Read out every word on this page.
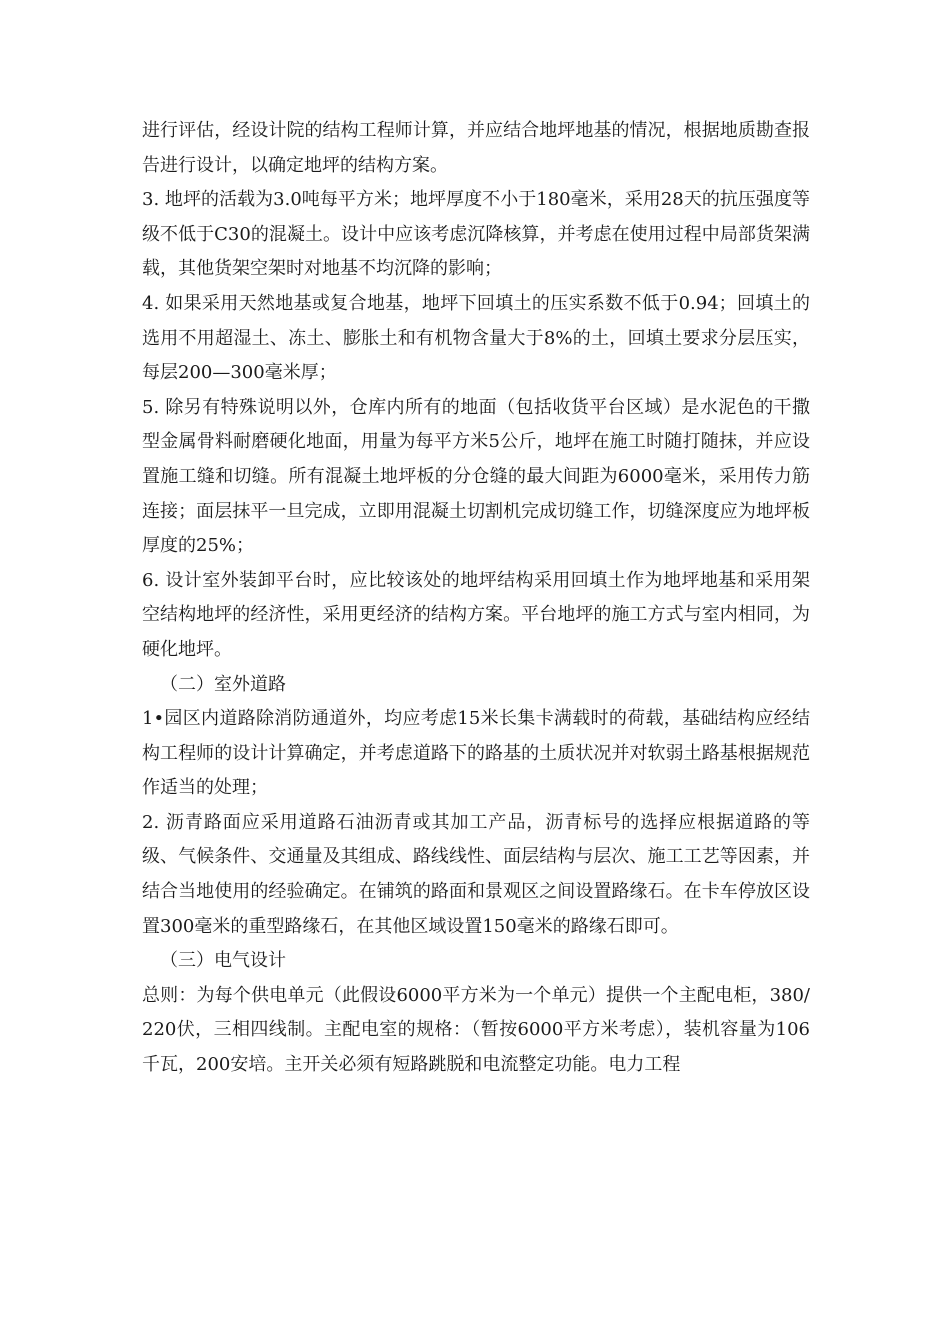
进行评估，经设计院的结构工程师计算，并应结合地坪地基的情况，根据地质勘查报告进行设计，以确定地坪的结构方案。

3. 地坪的活载为3.0吨每平方米；地坪厚度不小于180毫米，采用28天的抗压强度等级不低于C30的混凝土。设计中应该考虑沉降核算，并考虑在使用过程中局部货架满载，其他货架空架时对地基不均沉降的影响；

4. 如果采用天然地基或复合地基，地坪下回填土的压实系数不低于0.94；回填土的选用不用超湿土、冻土、膨胀土和有机物含量大于8%的土，回填土要求分层压实，每层200—300毫米厚；

5. 除另有特殊说明以外，仓库内所有的地面（包括收货平台区域）是水泥色的干撒型金属骨料耐磨硬化地面，用量为每平方米5公斤，地坪在施工时随打随抹，并应设置施工缝和切缝。所有混凝土地坪板的分仓缝的最大间距为6000毫米，采用传力筋连接；面层抹平一旦完成，立即用混凝土切割机完成切缝工作，切缝深度应为地坪板厚度的25%；

6. 设计室外装卸平台时，应比较该处的地坪结构采用回填土作为地坪地基和采用架空结构地坪的经济性，采用更经济的结构方案。平台地坪的施工方式与室内相同，为硬化地坪。

（二）室外道路

1•园区内道路除消防通道外，均应考虑15米长集卡满载时的荷载，基础结构应经结构工程师的设计计算确定，并考虑道路下的路基的土质状况并对软弱土路基根据规范作适当的处理；

2. 沥青路面应采用道路石油沥青或其加工产品，沥青标号的选择应根据道路的等级、气候条件、交通量及其组成、路线线性、面层结构与层次、施工工艺等因素，并结合当地使用的经验确定。在铺筑的路面和景观区之间设置路缘石。在卡车停放区设置300毫米的重型路缘石，在其他区域设置150毫米的路缘石即可。

（三）电气设计

总则：为每个供电单元（此假设6000平方米为一个单元）提供一个主配电柜，380/220伏，三相四线制。主配电室的规格：（暂按6000平方米考虑），装机容量为106千瓦，200安培。主开关必须有短路跳脱和电流整定功能。电力工程
